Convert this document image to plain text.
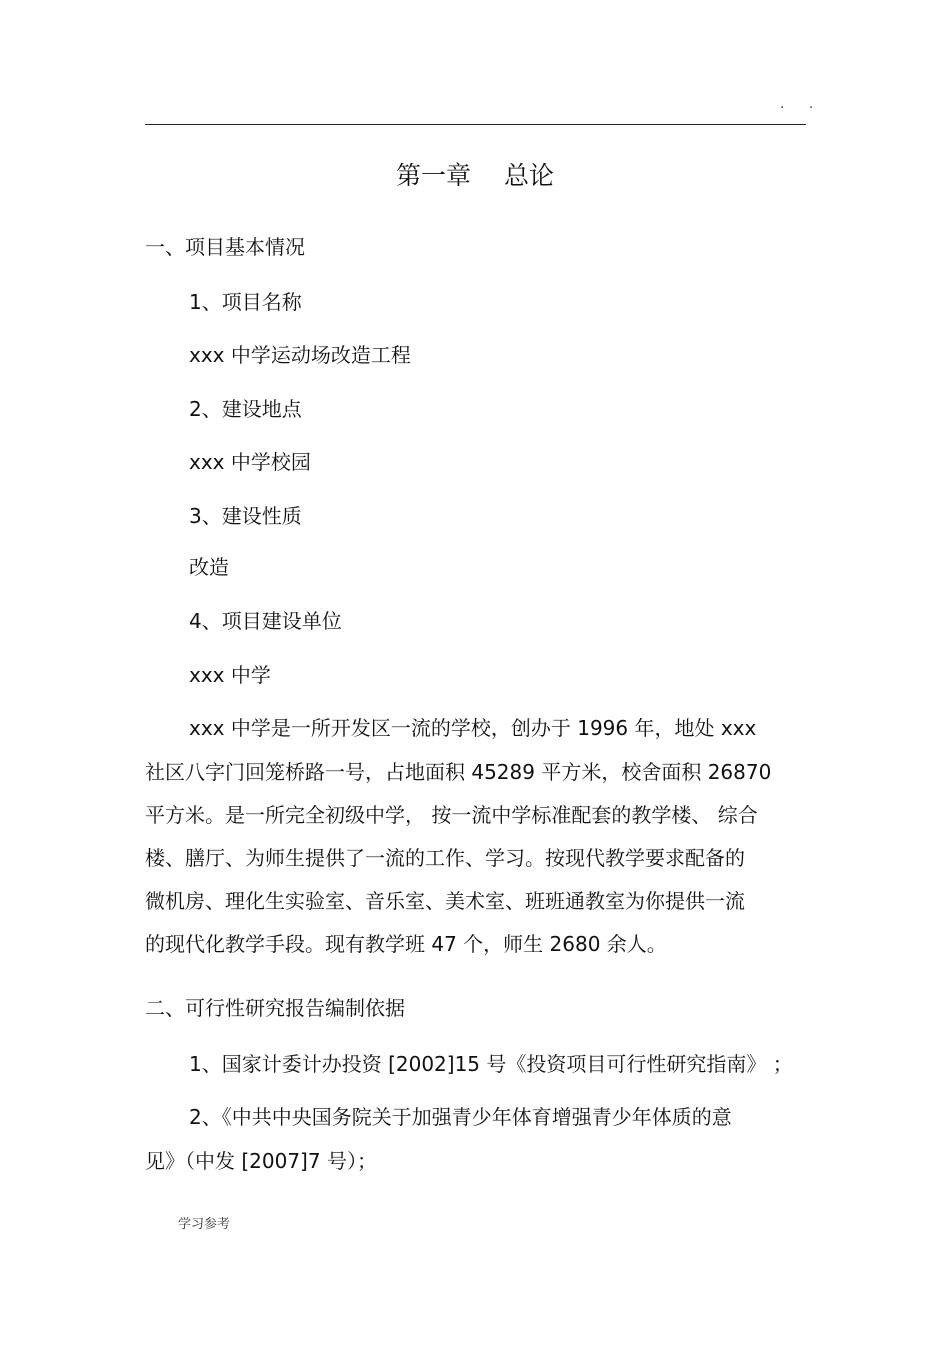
. .
第一章　 总论
一、项目基本情况
1、项目名称
xxx 中学运动场改造工程
2、建设地点
xxx 中学校园
3、建设性质
改造
4、项目建设单位
xxx 中学
xxx 中学是一所开发区一流的学校，创办于 1996 年，地处 xxx
社区八字门回笼桥路一号，占地面积 45289 平方米，校舍面积 26870
平方米。是一所完全初级中学， 按一流中学标准配套的教学楼、 综合
楼、膳厅、为师生提供了一流的工作、学习。按现代教学要求配备的
微机房、理化生实验室、音乐室、美术室、班班通教室为你提供一流
的现代化教学手段。现有教学班 47 个，师生 2680 余人。
二、可行性研究报告编制依据
1、国家计委计办投资 [2002]15 号《投资项目可行性研究指南》 ；
2、《中共中央国务院关于加强青少年体育增强青少年体质的意
见》（中发 [2007]7 号）；
学习参考
